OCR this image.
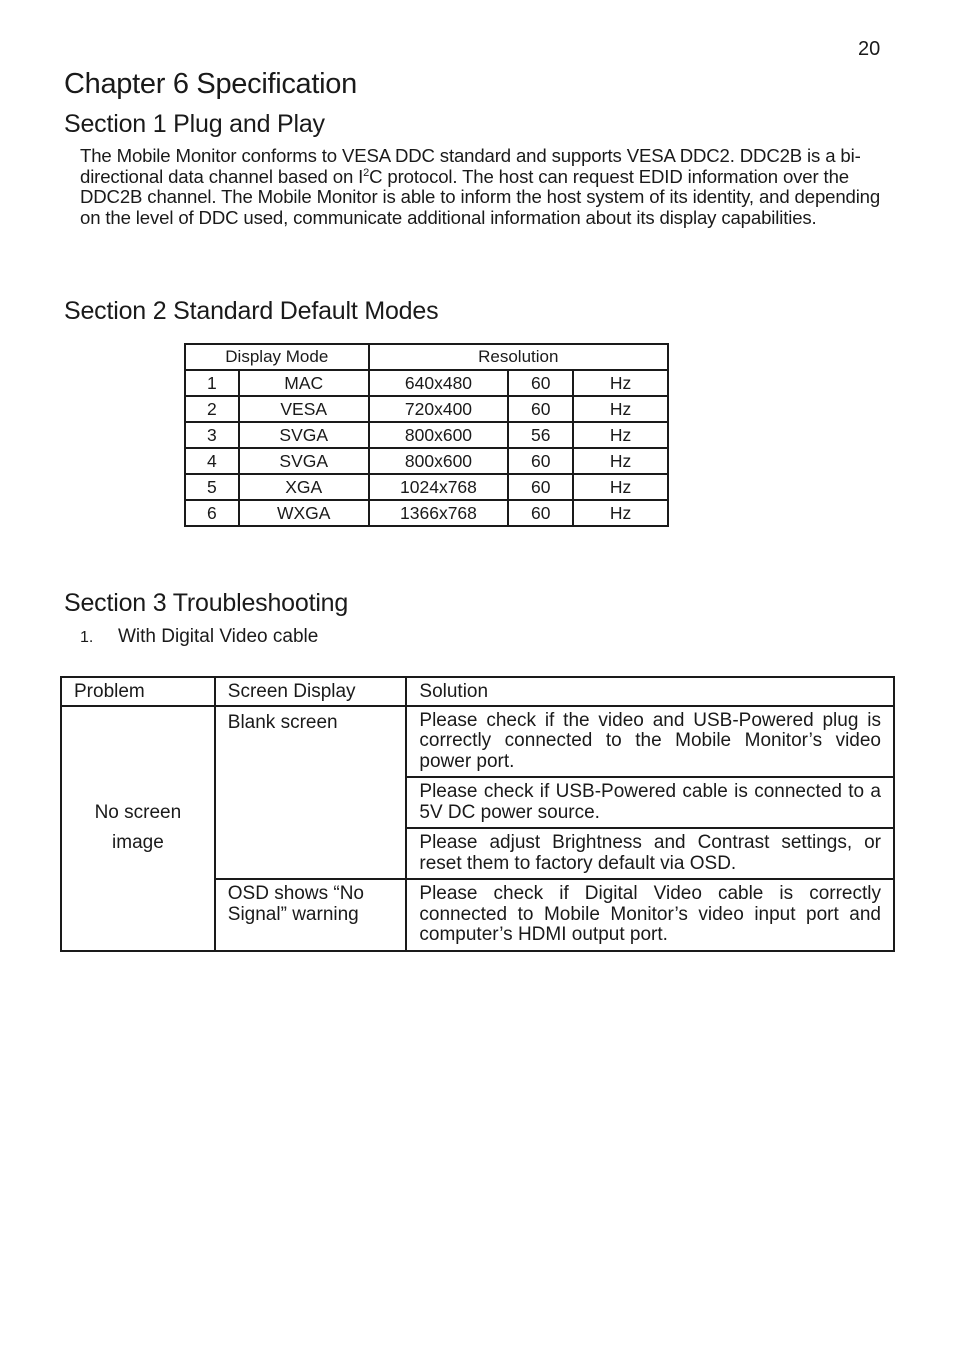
20
Chapter 6 Specification
Section 1 Plug and Play

The Mobile Monitor conforms to VESA DDC standard and supports VESA DDC2. DDC2B is a bi-directional data channel based on $I^2C$ protocol. The host can request EDID information over the DDC2B channel. The Mobile Monitor is able to inform the host system of its identity, and depending on the level of DDC used, communicate additional information about its display capabilities.

Section 2 Standard Default Modes
Display Mode		Resolution		
1	MAC	640x480	60	Hz
2	VESA	720x400	60	Hz
3	SVGA	800x600	56	Hz
4	SVGA	800x600	60	Hz
5	XGA	1024x768	60	Hz
6	WXGA	1366x768	60	Hz
Section 3 Troubleshooting
1. With Digital Video cable
Problem	Screen Display	Solution
No screen image	Blank screen	Please check if the video and USB-Powered plug is correctly connected to the Mobile Monitor’s video power port.
		Please check if USB-Powered cable is connected to a 5V DC power source.
		Please adjust Brightness and Contrast settings, or reset them to factory default via OSD.
	OSD shows “No Signal” warning	Please check if Digital Video cable is correctly connected to Mobile Monitor’s video input port and computer’s HDMI output port.
